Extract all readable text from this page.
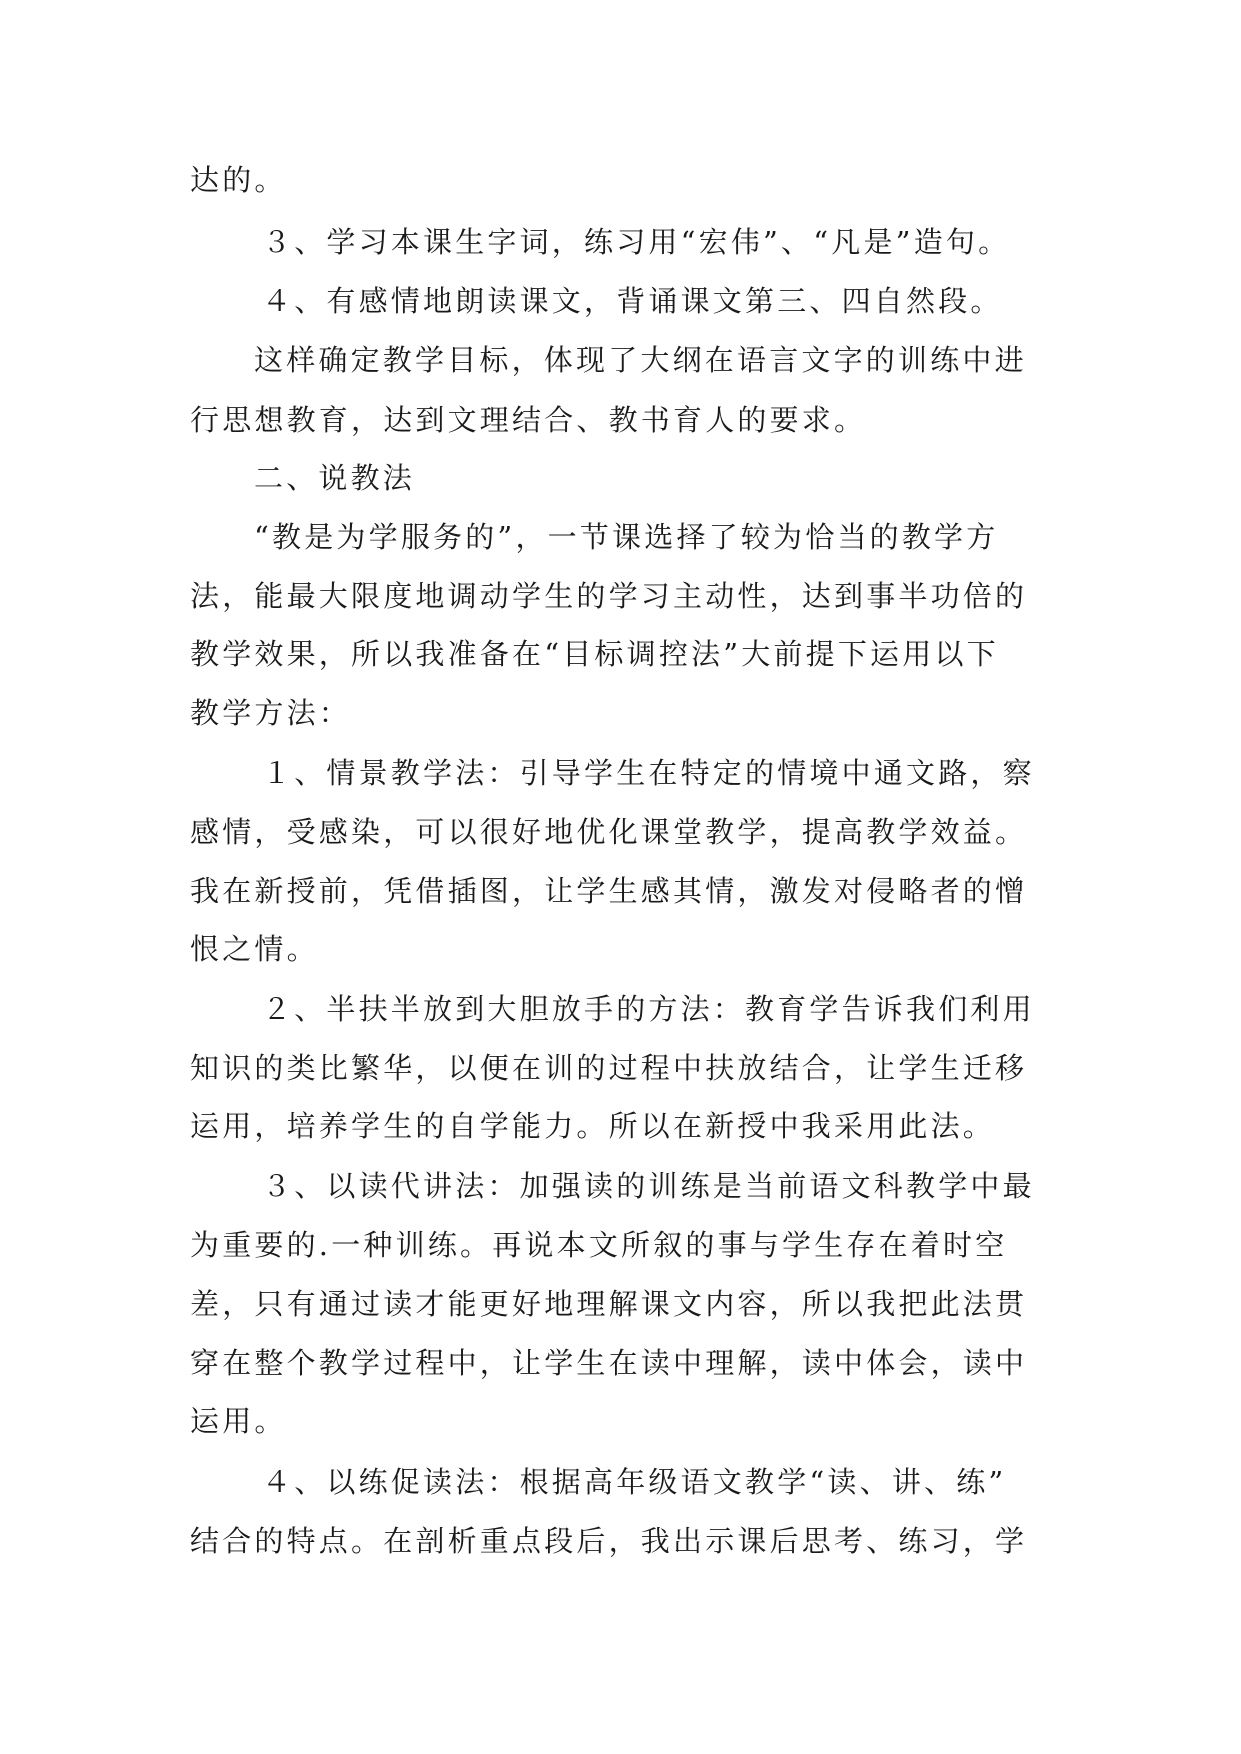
达的。
３、学习本课生字词，练习用“宏伟”、“凡是”造句。
４、有感情地朗读课文，背诵课文第三、四自然段。
这样确定教学目标，体现了大纲在语言文字的训练中进
行思想教育，达到文理结合、教书育人的要求。
二、说教法
“教是为学服务的”，一节课选择了较为恰当的教学方
法，能最大限度地调动学生的学习主动性，达到事半功倍的
教学效果，所以我准备在“目标调控法”大前提下运用以下
教学方法：
１、情景教学法：引导学生在特定的情境中通文路，察
感情，受感染，可以很好地优化课堂教学，提高教学效益。
我在新授前，凭借插图，让学生感其情，激发对侵略者的憎
恨之情。
２、半扶半放到大胆放手的方法：教育学告诉我们利用
知识的类比繁华，以便在训的过程中扶放结合，让学生迁移
运用，培养学生的自学能力。所以在新授中我采用此法。
３、以读代讲法：加强读的训练是当前语文科教学中最
为重要的.一种训练。再说本文所叙的事与学生存在着时空
差，只有通过读才能更好地理解课文内容，所以我把此法贯
穿在整个教学过程中，让学生在读中理解，读中体会，读中
运用。
４、以练促读法：根据高年级语文教学“读、讲、练”
结合的特点。在剖析重点段后，我出示课后思考、练习，学
